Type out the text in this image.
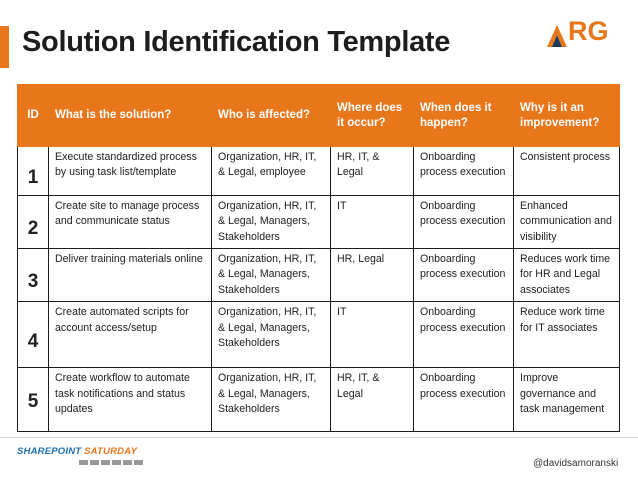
Solution Identification Template	RG
ID	What is the solution?	Who is affected?	Where does it occur?	When does it happen?	Why is it an improvement?
1	Execute standardized process by using task list/template	Organization, HR, IT, & Legal, employee	HR, IT, & Legal	Onboarding process execution	Consistent process
2	Create site to manage process and communicate status	Organization, HR, IT, & Legal, Managers, Stakeholders	IT	Onboarding process execution	Enhanced communication and visibility
3	Deliver training materials online	Organization, HR, IT, & Legal, Managers, Stakeholders	HR, Legal	Onboarding process execution	Reduces work time for HR and Legal associates
4	Create automated scripts for account access/setup	Organization, HR, IT, & Legal, Managers, Stakeholders	IT	Onboarding process execution	Reduce work time for IT associates
5	Create workflow to automate task notifications and status updates	Organization, HR, IT, & Legal, Managers, Stakeholders	HR, IT, & Legal	Onboarding process execution	Improve governance and task management
SHAREPOINT SATURDAY
@davidsamoranski
